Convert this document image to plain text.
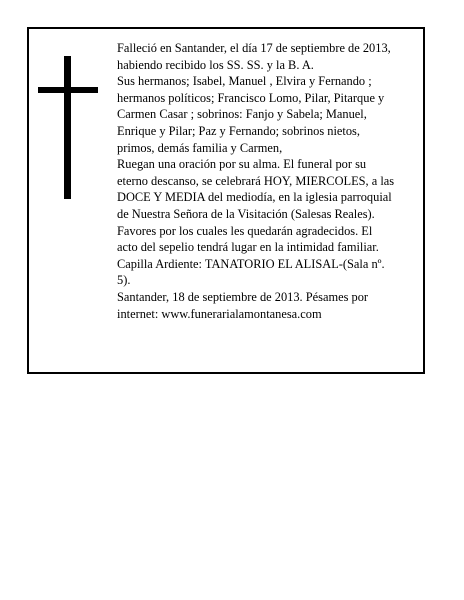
Falleció en Santander, el día 17 de septiembre de 2013,

habiendo recibido los SS. SS. y la B. A.

Sus hermanos; Isabel, Manuel , Elvira y Fernando ;

hermanos políticos; Francisco Lomo, Pilar, Pitarque y

Carmen Casar ; sobrinos: Fanjo y Sabela; Manuel,

Enrique y Pilar; Paz y Fernando; sobrinos nietos,

primos, demás familia y Carmen,

Ruegan una oración por su alma. El funeral por su

eterno descanso, se celebrará HOY, MIERCOLES, a las

DOCE Y MEDIA del mediodía, en la iglesia parroquial

de Nuestra Señora de la Visitación (Salesas Reales).

Favores por los cuales les quedarán agradecidos. El

acto del sepelio tendrá lugar en la intimidad familiar.

Capilla Ardiente: TANATORIO EL ALISAL-(Sala nº.

5).

Santander, 18 de septiembre de 2013. Pésames por

internet: www.funerarialamontanesa.com
